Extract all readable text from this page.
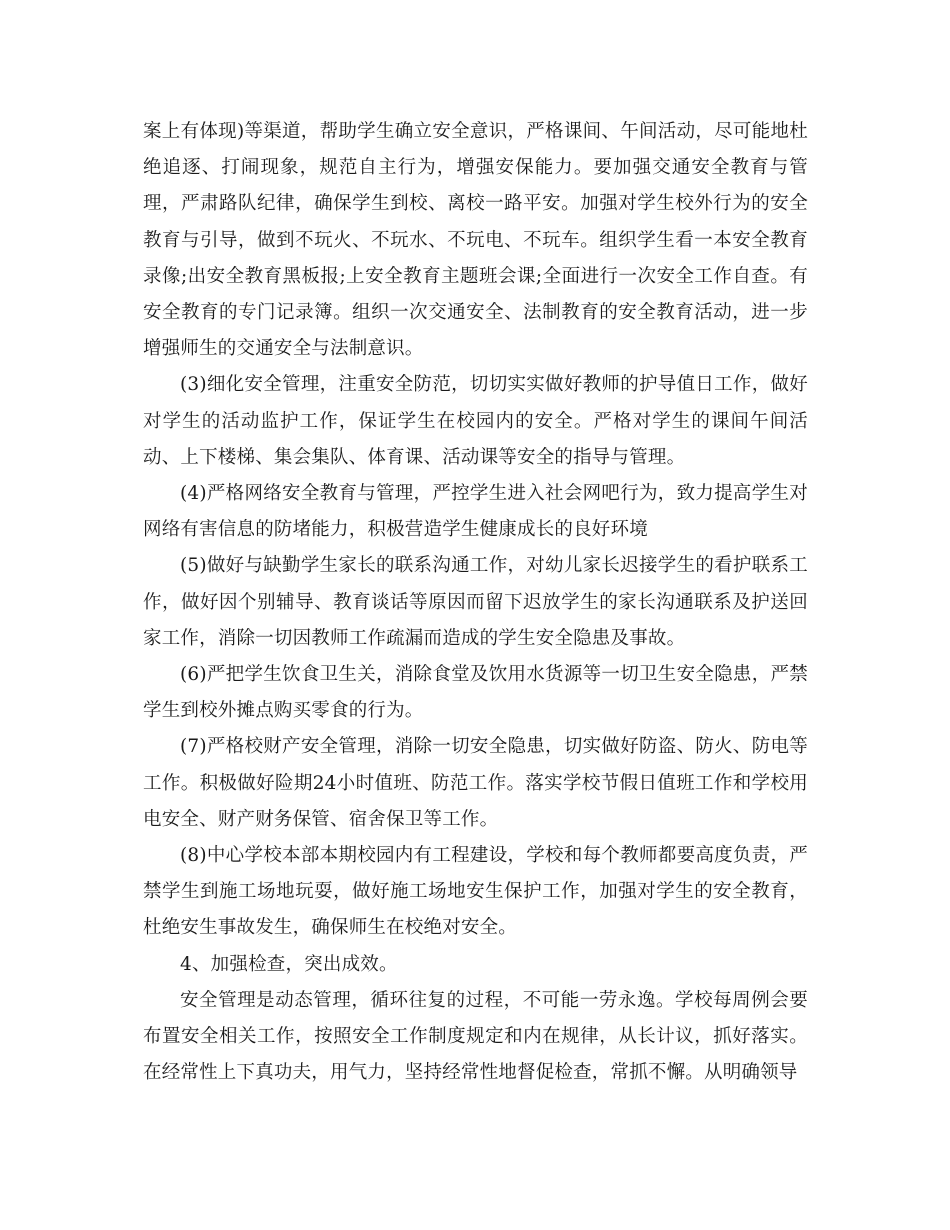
案上有体现)等渠道，帮助学生确立安全意识，严格课间、午间活动，尽可能地杜绝追逐、打闹现象，规范自主行为，增强安保能力。要加强交通安全教育与管理，严肃路队纪律，确保学生到校、离校一路平安。加强对学生校外行为的安全教育与引导，做到不玩火、不玩水、不玩电、不玩车。组织学生看一本安全教育录像;出安全教育黑板报;上安全教育主题班会课;全面进行一次安全工作自查。有安全教育的专门记录簿。组织一次交通安全、法制教育的安全教育活动，进一步增强师生的交通安全与法制意识。

(3)细化安全管理，注重安全防范，切切实实做好教师的护导值日工作，做好对学生的活动监护工作，保证学生在校园内的安全。严格对学生的课间午间活动、上下楼梯、集会集队、体育课、活动课等安全的指导与管理。

(4)严格网络安全教育与管理，严控学生进入社会网吧行为，致力提高学生对网络有害信息的防堵能力，积极营造学生健康成长的良好环境

(5)做好与缺勤学生家长的联系沟通工作，对幼儿家长迟接学生的看护联系工作，做好因个别辅导、教育谈话等原因而留下迟放学生的家长沟通联系及护送回家工作，消除一切因教师工作疏漏而造成的学生安全隐患及事故。

(6)严把学生饮食卫生关，消除食堂及饮用水货源等一切卫生安全隐患，严禁学生到校外摊点购买零食的行为。

(7)严格校财产安全管理，消除一切安全隐患，切实做好防盗、防火、防电等工作。积极做好险期24小时值班、防范工作。落实学校节假日值班工作和学校用电安全、财产财务保管、宿舍保卫等工作。

(8)中心学校本部本期校园内有工程建设，学校和每个教师都要高度负责，严禁学生到施工场地玩耍，做好施工场地安生保护工作，加强对学生的安全教育，杜绝安生事故发生，确保师生在校绝对安全。

4、加强检查，突出成效。

安全管理是动态管理，循环往复的过程，不可能一劳永逸。学校每周例会要布置安全相关工作，按照安全工作制度规定和内在规律，从长计议，抓好落实。在经常性上下真功夫，用气力，坚持经常性地督促检查，常抓不懈。从明确领导
